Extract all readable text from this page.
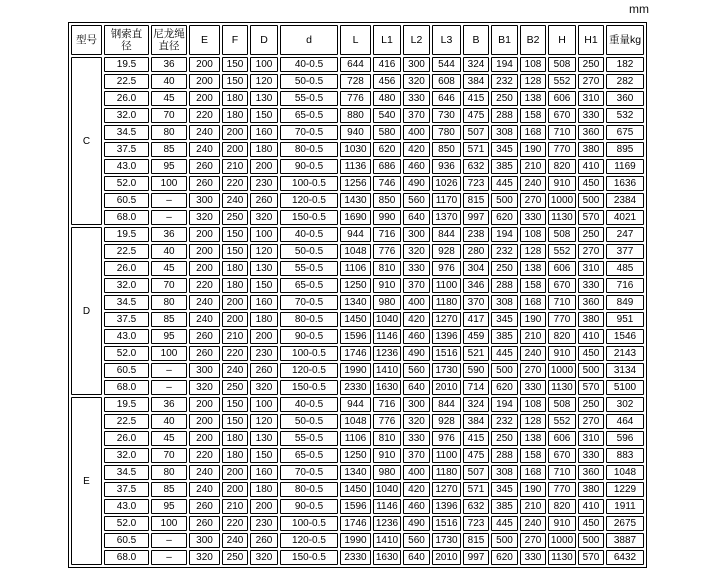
mm
型号	钢索直径	尼龙绳直径	E	F	D	d	L	L1	L2	L3	B	B1	B2	H	H1	重量kg
C	19.5	36	200	150	100	40-0.5	644	416	300	544	324	194	108	508	250	182
	22.5	40	200	150	120	50-0.5	728	456	320	608	384	232	128	552	270	282
	26.0	45	200	180	130	55-0.5	776	480	330	646	415	250	138	606	310	360
	32.0	70	220	180	150	65-0.5	880	540	370	730	475	288	158	670	330	532
	34.5	80	240	200	160	70-0.5	940	580	400	780	507	308	168	710	360	675
	37.5	85	240	200	180	80-0.5	1030	620	420	850	571	345	190	770	380	895
	43.0	95	260	210	200	90-0.5	1136	686	460	936	632	385	210	820	410	1169
	52.0	100	260	220	230	100-0.5	1256	746	490	1026	723	445	240	910	450	1636
	60.5	–	300	240	260	120-0.5	1430	850	560	1170	815	500	270	1000	500	2384
	68.0	–	320	250	320	150-0.5	1690	990	640	1370	997	620	330	1130	570	4021
D	19.5	36	200	150	100	40-0.5	944	716	300	844	238	194	108	508	250	247
	22.5	40	200	150	120	50-0.5	1048	776	320	928	280	232	128	552	270	377
	26.0	45	200	180	130	55-0.5	1106	810	330	976	304	250	138	606	310	485
	32.0	70	220	180	150	65-0.5	1250	910	370	1100	346	288	158	670	330	716
	34.5	80	240	200	160	70-0.5	1340	980	400	1180	370	308	168	710	360	849
	37.5	85	240	200	180	80-0.5	1450	1040	420	1270	417	345	190	770	380	951
	43.0	95	260	210	200	90-0.5	1596	1146	460	1396	459	385	210	820	410	1546
	52.0	100	260	220	230	100-0.5	1746	1236	490	1516	521	445	240	910	450	2143
	60.5	–	300	240	260	120-0.5	1990	1410	560	1730	590	500	270	1000	500	3134
	68.0	–	320	250	320	150-0.5	2330	1630	640	2010	714	620	330	1130	570	5100
E	19.5	36	200	150	100	40-0.5	944	716	300	844	324	194	108	508	250	302
	22.5	40	200	150	120	50-0.5	1048	776	320	928	384	232	128	552	270	464
	26.0	45	200	180	130	55-0.5	1106	810	330	976	415	250	138	606	310	596
	32.0	70	220	180	150	65-0.5	1250	910	370	1100	475	288	158	670	330	883
	34.5	80	240	200	160	70-0.5	1340	980	400	1180	507	308	168	710	360	1048
	37.5	85	240	200	180	80-0.5	1450	1040	420	1270	571	345	190	770	380	1229
	43.0	95	260	210	200	90-0.5	1596	1146	460	1396	632	385	210	820	410	1911
	52.0	100	260	220	230	100-0.5	1746	1236	490	1516	723	445	240	910	450	2675
	60.5	–	300	240	260	120-0.5	1990	1410	560	1730	815	500	270	1000	500	3887
	68.0	–	320	250	320	150-0.5	2330	1630	640	2010	997	620	330	1130	570	6432
